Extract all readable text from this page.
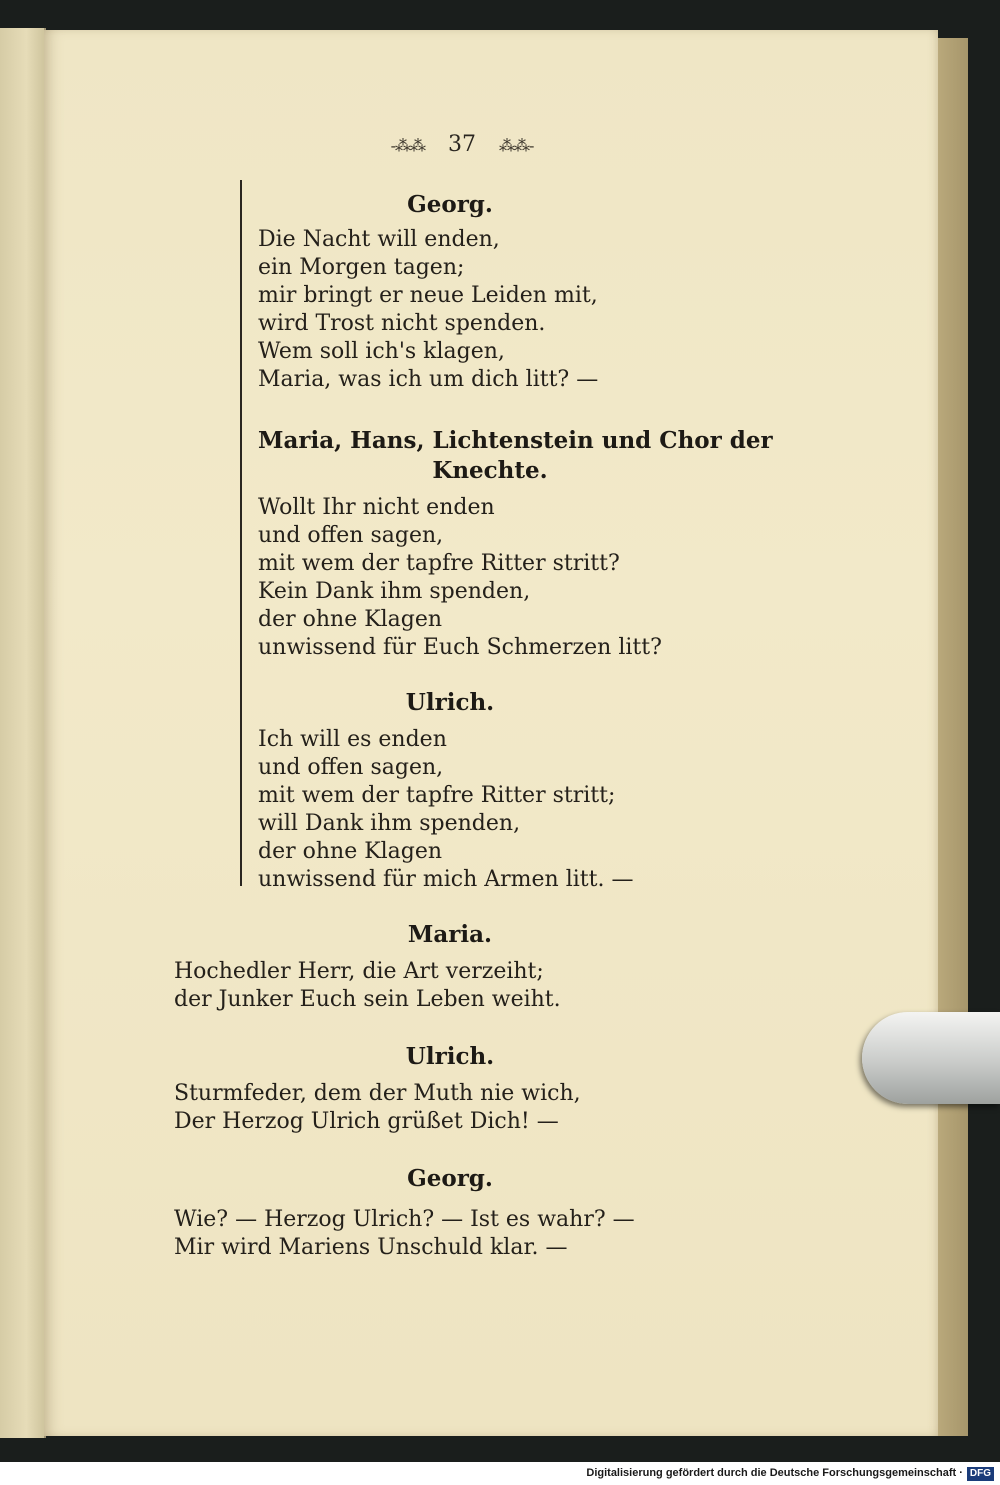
-⁂⁂ 37 ⁂⁂-
Georg.
Die Nacht will enden,
ein Morgen tagen;
mir bringt er neue Leiden mit,
wird Trost nicht spenden.
Wem soll ich's klagen,
Maria, was ich um dich litt? —
Maria, Hans, Lichtenstein und Chor der
Knechte.
Wollt Ihr nicht enden
und offen sagen,
mit wem der tapfre Ritter stritt?
Kein Dank ihm spenden,
der ohne Klagen
unwissend für Euch Schmerzen litt?
Ulrich.
Ich will es enden
und offen sagen,
mit wem der tapfre Ritter stritt;
will Dank ihm spenden,
der ohne Klagen
unwissend für mich Armen litt. —
Maria.
Hochedler Herr, die Art verzeiht;
der Junker Euch sein Leben weiht.
Ulrich.
Sturmfeder, dem der Muth nie wich,
Der Herzog Ulrich grüßet Dich! —
Georg.
Wie? — Herzog Ulrich? — Ist es wahr? —
Mir wird Mariens Unschuld klar. —
Digitalisierung gefördert durch die Deutsche Forschungsgemeinschaft · DFG
